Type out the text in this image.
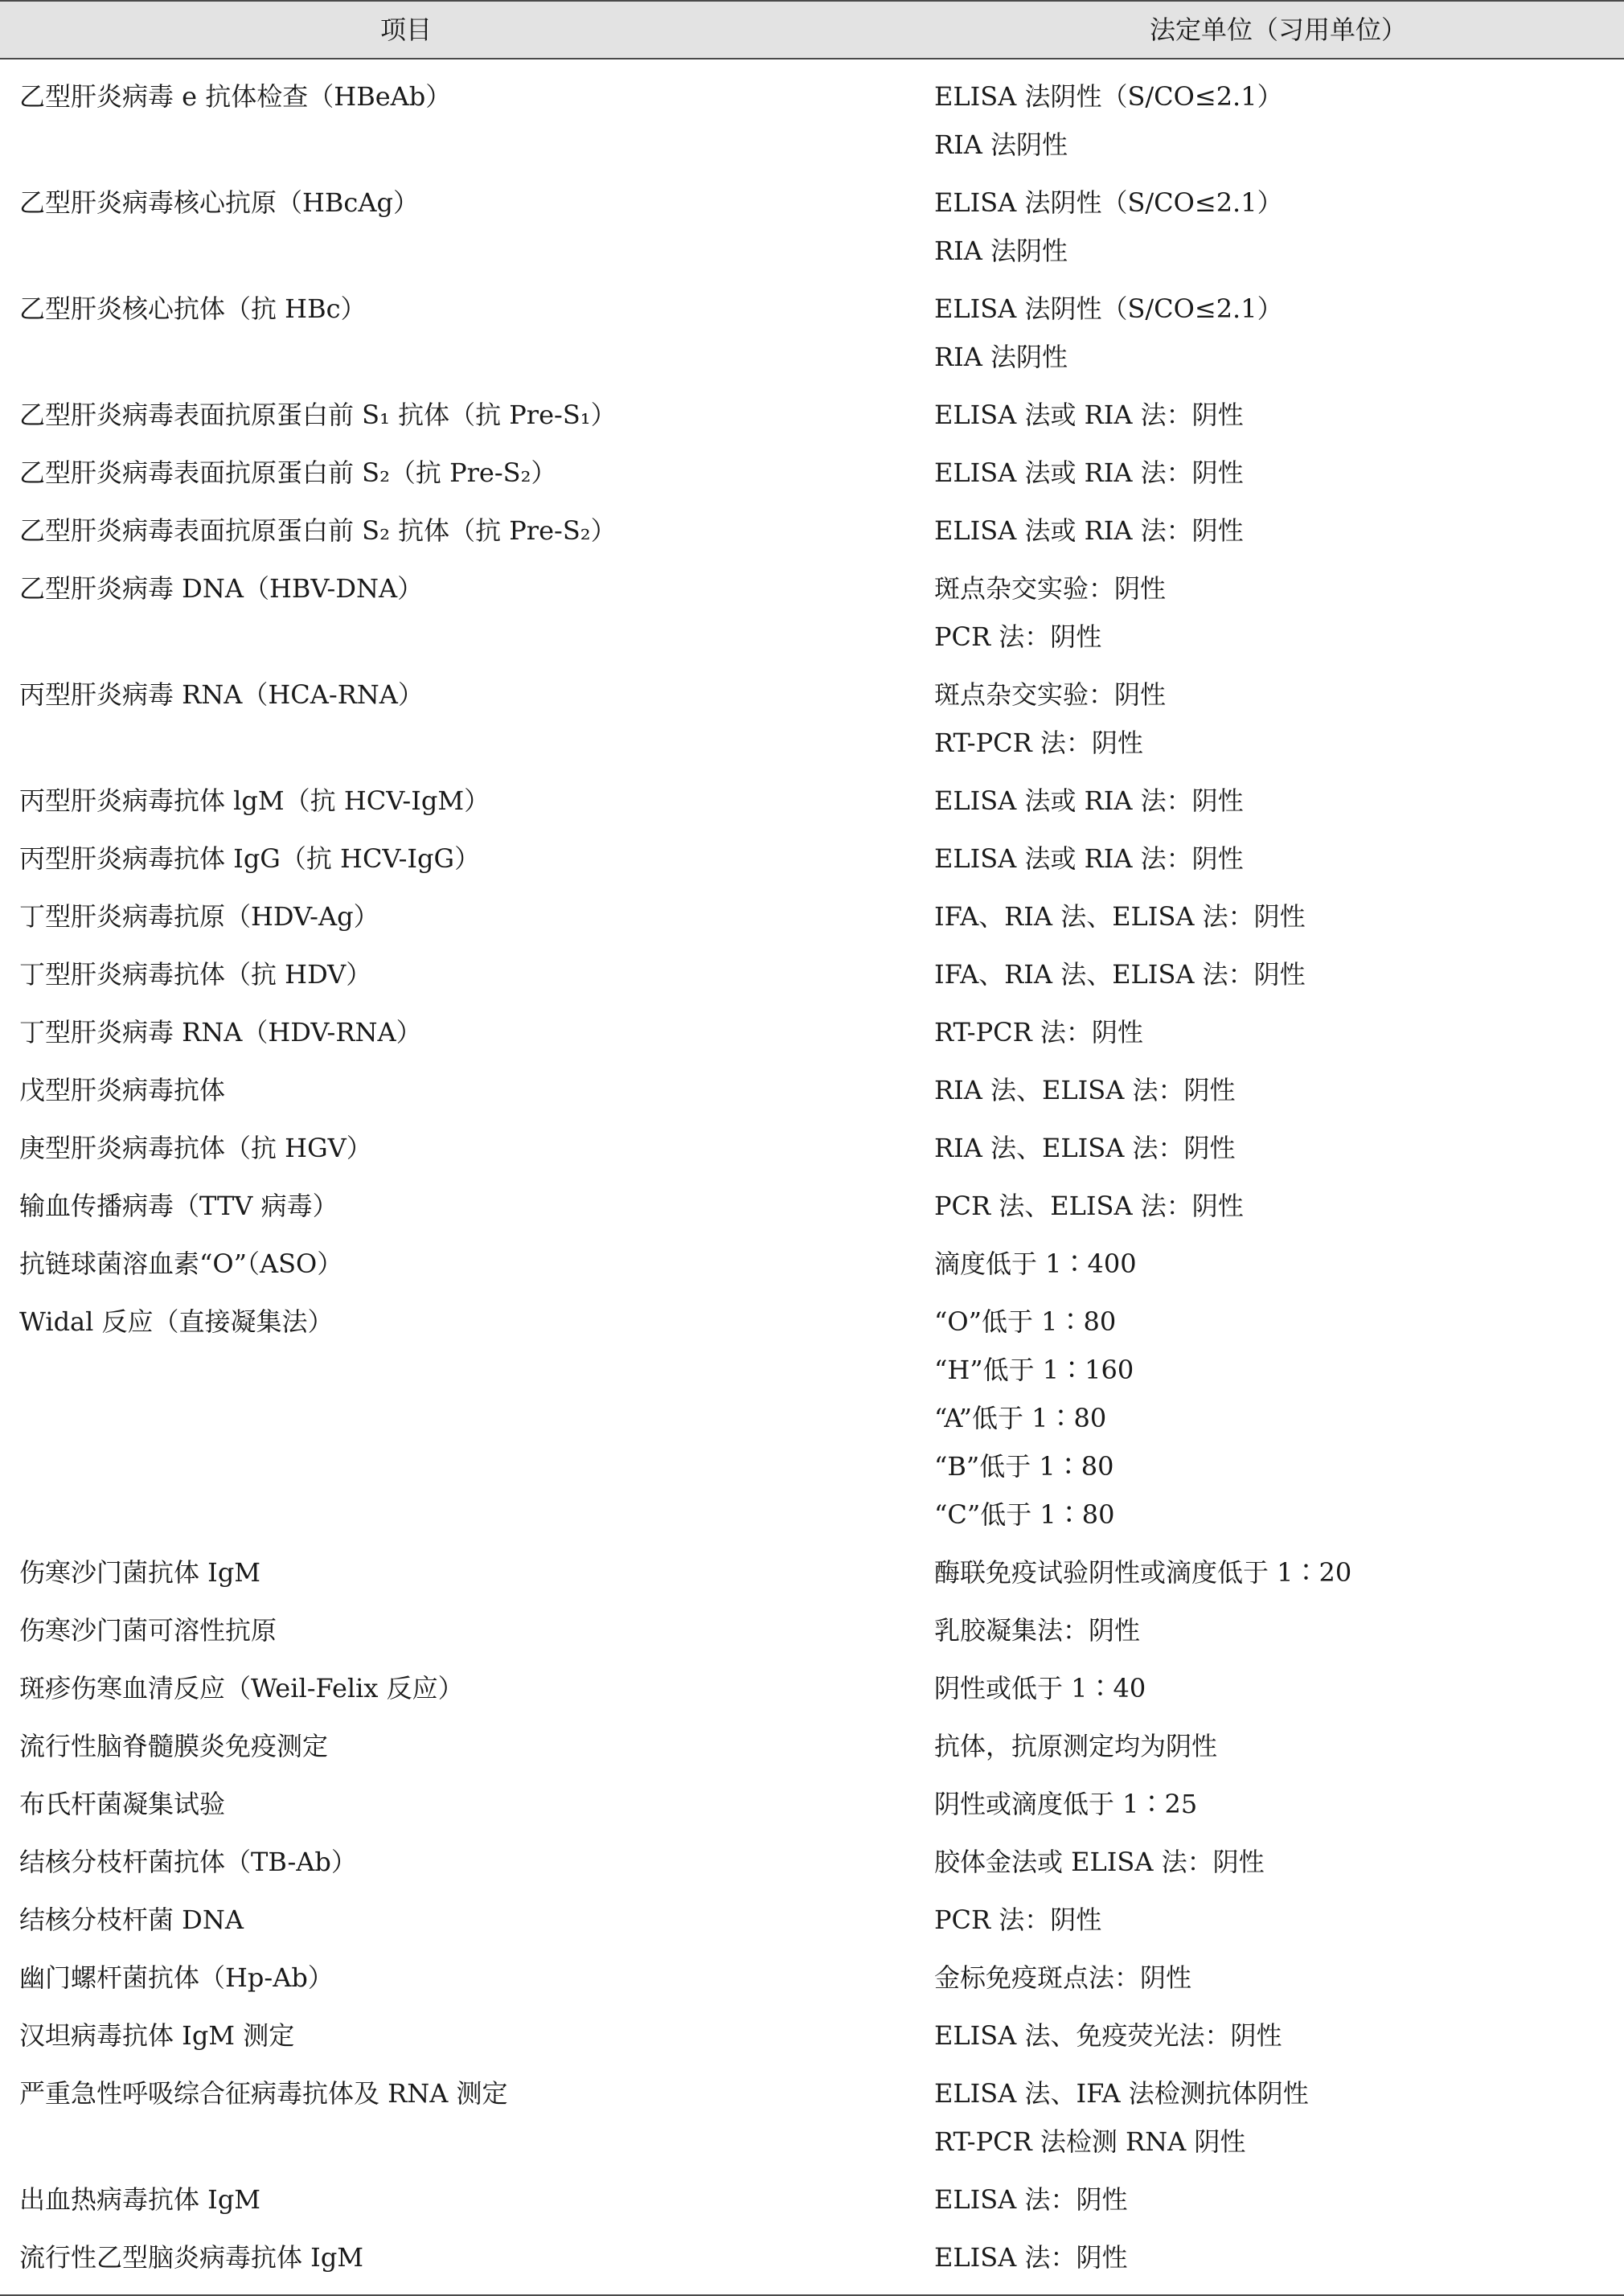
项目	法定单位（习用单位）
乙型肝炎病毒 e 抗体检查（HBeAb）	ELISA 法阴性（S/CO≤2.1）
RIA 法阴性
乙型肝炎病毒核心抗原（HBcAg）	ELISA 法阴性（S/CO≤2.1）
RIA 法阴性
乙型肝炎核心抗体（抗 HBc）	ELISA 法阴性（S/CO≤2.1）
RIA 法阴性
乙型肝炎病毒表面抗原蛋白前 S₁ 抗体（抗 Pre-S₁）	ELISA 法或 RIA 法：阴性
乙型肝炎病毒表面抗原蛋白前 S₂（抗 Pre-S₂）	ELISA 法或 RIA 法：阴性
乙型肝炎病毒表面抗原蛋白前 S₂ 抗体（抗 Pre-S₂）	ELISA 法或 RIA 法：阴性
乙型肝炎病毒 DNA（HBV-DNA）	斑点杂交实验：阴性
PCR 法：阴性
丙型肝炎病毒 RNA（HCA-RNA）	斑点杂交实验：阴性
RT-PCR 法：阴性
丙型肝炎病毒抗体 lgM（抗 HCV-IgM）	ELISA 法或 RIA 法：阴性
丙型肝炎病毒抗体 IgG（抗 HCV-IgG）	ELISA 法或 RIA 法：阴性
丁型肝炎病毒抗原（HDV-Ag）	IFA、RIA 法、ELISA 法：阴性
丁型肝炎病毒抗体（抗 HDV）	IFA、RIA 法、ELISA 法：阴性
丁型肝炎病毒 RNA（HDV-RNA）	RT-PCR 法：阴性
戊型肝炎病毒抗体	RIA 法、ELISA 法：阴性
庚型肝炎病毒抗体（抗 HGV）	RIA 法、ELISA 法：阴性
输血传播病毒（TTV 病毒）	PCR 法、ELISA 法：阴性
抗链球菌溶血素“O”（ASO）	滴度低于 1∶400
Widal 反应（直接凝集法）	“O”低于 1∶80
“H”低于 1∶160
“A”低于 1∶80
“B”低于 1∶80
“C”低于 1∶80
伤寒沙门菌抗体 IgM	酶联免疫试验阴性或滴度低于 1∶20
伤寒沙门菌可溶性抗原	乳胶凝集法：阴性
斑疹伤寒血清反应（Weil-Felix 反应）	阴性或低于 1∶40
流行性脑脊髓膜炎免疫测定	抗体，抗原测定均为阴性
布氏杆菌凝集试验	阴性或滴度低于 1∶25
结核分枝杆菌抗体（TB-Ab）	胶体金法或 ELISA 法：阴性
结核分枝杆菌 DNA	PCR 法：阴性
幽门螺杆菌抗体（Hp-Ab）	金标免疫斑点法：阴性
汉坦病毒抗体 IgM 测定	ELISA 法、免疫荧光法：阴性
严重急性呼吸综合征病毒抗体及 RNA 测定	ELISA 法、IFA 法检测抗体阴性
RT-PCR 法检测 RNA 阴性
出血热病毒抗体 IgM	ELISA 法：阴性
流行性乙型脑炎病毒抗体 IgM	ELISA 法：阴性
